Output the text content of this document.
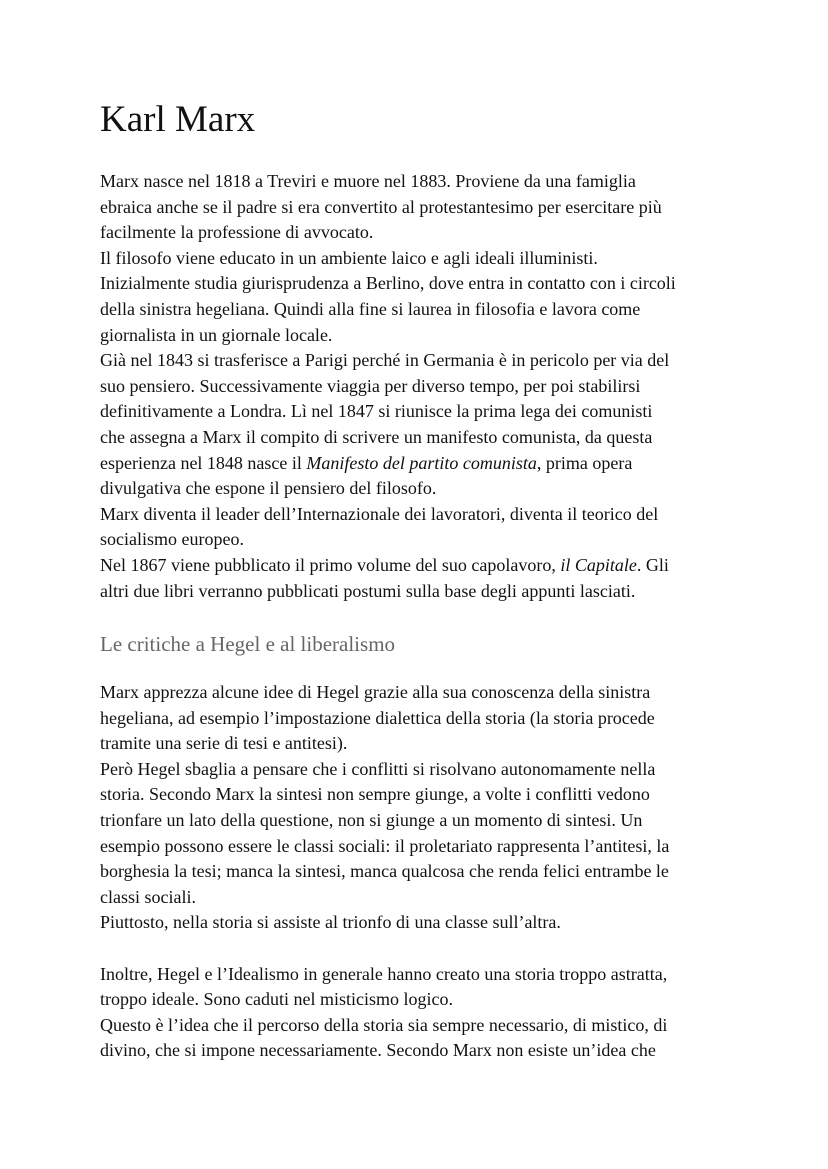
Karl Marx
Marx nasce nel 1818 a Treviri e muore nel 1883. Proviene da una famiglia
ebraica anche se il padre si era convertito al protestantesimo per esercitare più
facilmente la professione di avvocato.
Il filosofo viene educato in un ambiente laico e agli ideali illuministi.
Inizialmente studia giurisprudenza a Berlino, dove entra in contatto con i circoli
della sinistra hegeliana. Quindi alla fine si laurea in filosofia e lavora come
giornalista in un giornale locale.
Già nel 1843 si trasferisce a Parigi perché in Germania è in pericolo per via del
suo pensiero. Successivamente viaggia per diverso tempo, per poi stabilirsi
definitivamente a Londra. Lì nel 1847 si riunisce la prima lega dei comunisti
che assegna a Marx il compito di scrivere un manifesto comunista, da questa
esperienza nel 1848 nasce il Manifesto del partito comunista, prima opera
divulgativa che espone il pensiero del filosofo.
Marx diventa il leader dell’Internazionale dei lavoratori, diventa il teorico del
socialismo europeo.
Nel 1867 viene pubblicato il primo volume del suo capolavoro, il Capitale. Gli
altri due libri verranno pubblicati postumi sulla base degli appunti lasciati.
Le critiche a Hegel e al liberalismo
Marx apprezza alcune idee di Hegel grazie alla sua conoscenza della sinistra
hegeliana, ad esempio l’impostazione dialettica della storia (la storia procede
tramite una serie di tesi e antitesi).
Però Hegel sbaglia a pensare che i conflitti si risolvano autonomamente nella
storia. Secondo Marx la sintesi non sempre giunge, a volte i conflitti vedono
trionfare un lato della questione, non si giunge a un momento di sintesi. Un
esempio possono essere le classi sociali: il proletariato rappresenta l’antitesi, la
borghesia la tesi; manca la sintesi, manca qualcosa che renda felici entrambe le
classi sociali.
Piuttosto, nella storia si assiste al trionfo di una classe sull’altra.
Inoltre, Hegel e l’Idealismo in generale hanno creato una storia troppo astratta,
troppo ideale. Sono caduti nel misticismo logico.
Questo è l’idea che il percorso della storia sia sempre necessario, di mistico, di
divino, che si impone necessariamente. Secondo Marx non esiste un’idea che
